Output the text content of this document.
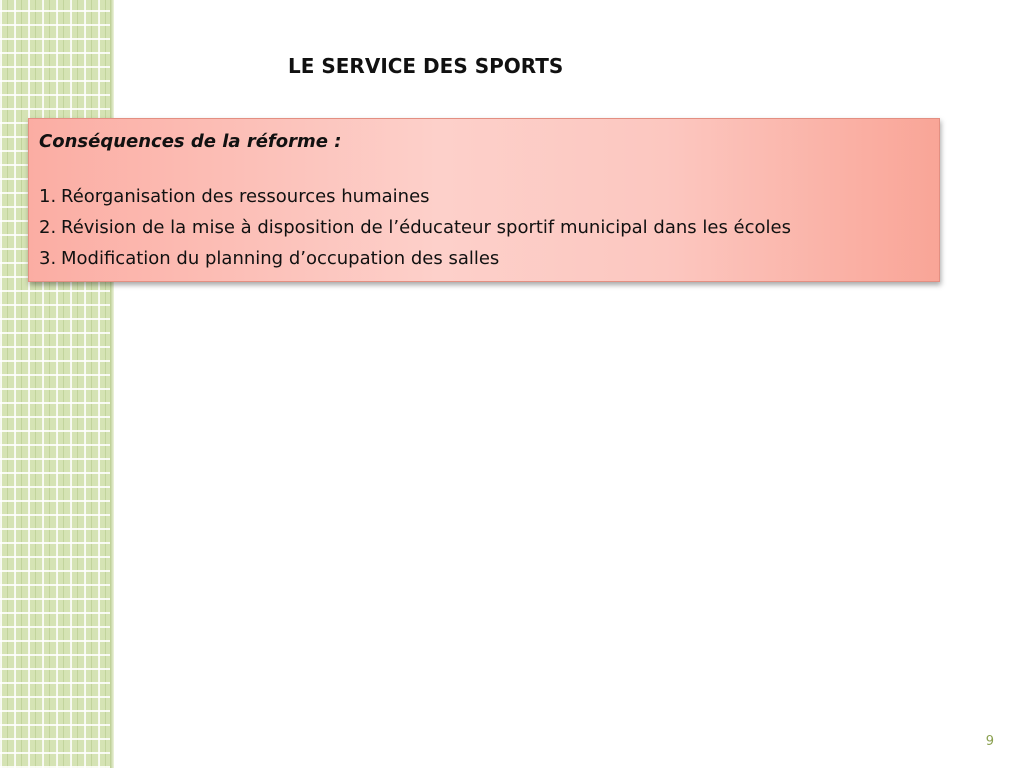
LE SERVICE DES SPORTS
Conséquences de la réforme :
1. Réorganisation des ressources humaines
2. Révision de la mise à disposition de l’éducateur sportif municipal dans les écoles
3. Modification du planning d’occupation des salles
9
